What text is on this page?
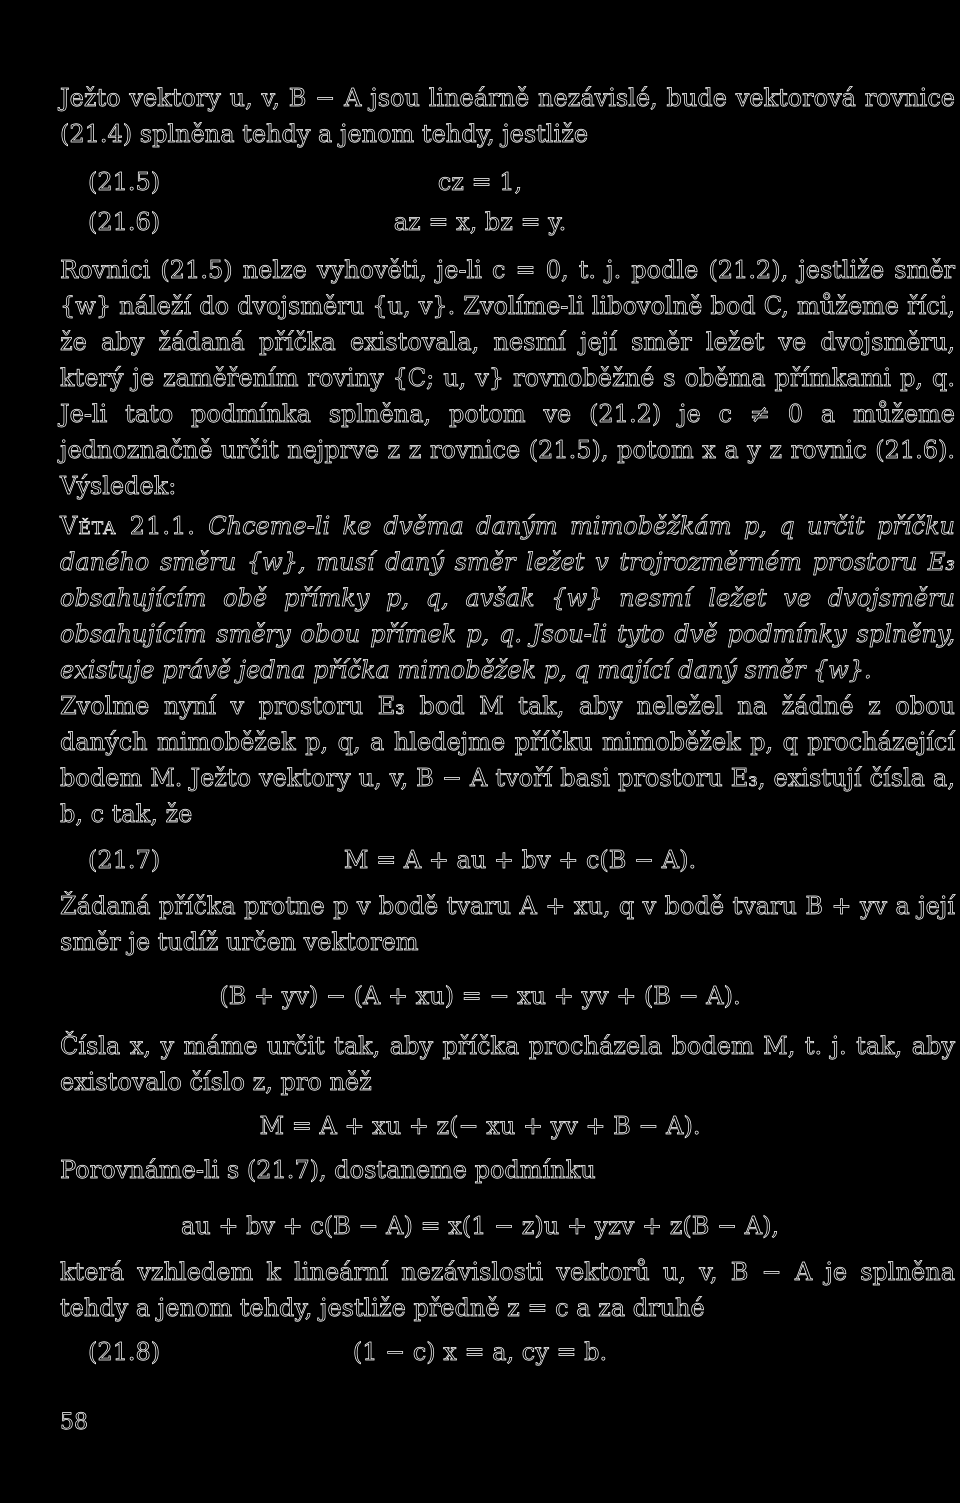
Ježto vektory u, v, B − A jsou lineárně nezávislé, bude vektorová rovnice (21.4) splněna tehdy a jenom tehdy, jestliže

(21.5)	cz = 1,
(21.6)	az = x, bz = y.

Rovnici (21.5) nelze vyhověti, je-li c = 0, t. j. podle (21.2), jestliže směr {w} náleží do dvojsměru {u, v}. Zvolíme-li libovolně bod C, můžeme říci, že aby žádaná příčka existovala, nesmí její směr ležet ve dvojsměru, který je zaměřením roviny {C; u, v} rovnoběžné s oběma přímkami p, q. Je-li tato podmínka splněna, potom ve (21.2) je c ≠ 0 a můžeme jednoznačně určit nejprve z z rovnice (21.5), potom x a y z rovnic (21.6). Výsledek:

Věta 21.1. Chceme-li ke dvěma daným mimoběžkám p, q určit příčku daného směru {w}, musí daný směr ležet v trojrozměrném prostoru E₃ obsahujícím obě přímky p, q, avšak {w} nesmí ležet ve dvojsměru obsahujícím směry obou přímek p, q. Jsou-li tyto dvě podmínky splněny, existuje právě jedna příčka mimoběžek p, q mající daný směr {w}.

Zvolme nyní v prostoru E₃ bod M tak, aby neležel na žádné z obou daných mimoběžek p, q, a hledejme příčku mimoběžek p, q procházející bodem M. Ježto vektory u, v, B − A tvoří basi prostoru E₃, existují čísla a, b, c tak, že

(21.7)	M = A + au + bv + c(B − A).

Žádaná příčka protne p v bodě tvaru A + xu, q v bodě tvaru B + yv a její směr je tudíž určen vektorem

(B + yv) − (A + xu) = − xu + yv + (B − A).

Čísla x, y máme určit tak, aby příčka procházela bodem M, t. j. tak, aby existovalo číslo z, pro něž

M = A + xu + z(− xu + yv + B − A).

Porovnáme-li s (21.7), dostaneme podmínku

au + bv + c(B − A) = x(1 − z)u + yzv + z(B − A),

která vzhledem k lineární nezávislosti vektorů u, v, B − A je splněna tehdy a jenom tehdy, jestliže předně z = c a za druhé

(21.8)	(1 − c) x = a, cy = b.
58
